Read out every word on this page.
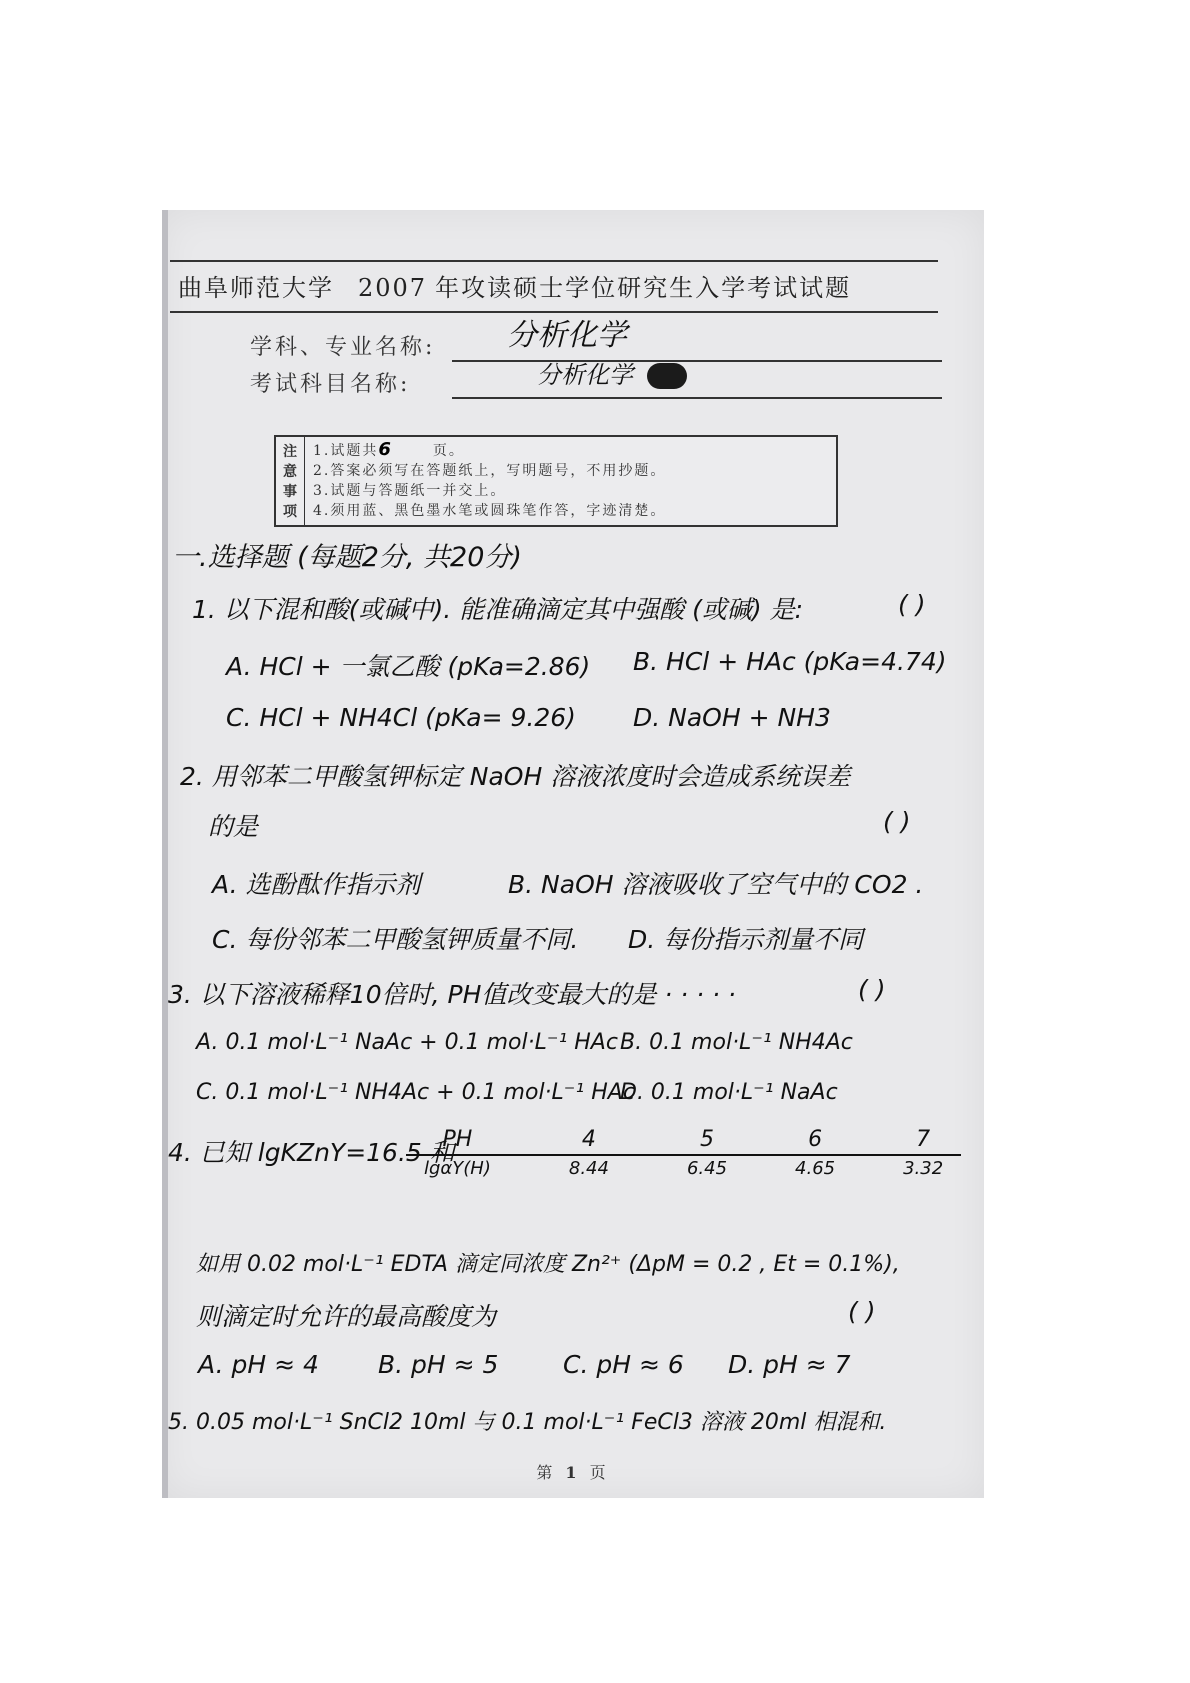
曲阜师范大学 2007 年攻读硕士学位研究生入学考试试题
学科、专业名称: 分析化学
考试科目名称:	分析化学
注
意
事
项
1.试题共6	页。
2.答案必须写在答题纸上，写明题号，不用抄题。
3.试题与答题纸一并交上。
4.须用蓝、黑色墨水笔或圆珠笔作答，字迹清楚。
一.选择题 (每题2分, 共20分)
1. 以下混和酸(或碱中). 能准确滴定其中强酸 (或碱) 是:	( )
A. HCl + 一氯乙酸 (pKa=2.86) B. HCl + HAc (pKa=4.74)
C. HCl + NH4Cl (pKa= 9.26) D. NaOH + NH3
2. 用邻苯二甲酸氢钾标定 NaOH 溶液浓度时会造成系统误差
的是	( )
A. 选酚酞作指示剂	B. NaOH 溶液吸收了空气中的 CO2 .
C. 每份邻苯二甲酸氢钾质量不同. D. 每份指示剂量不同
3. 以下溶液稀释10倍时, PH值改变最大的是 · · · · ·	( )
A. 0.1 mol·L⁻¹ NaAc + 0.1 mol·L⁻¹ HAc B. 0.1 mol·L⁻¹ NH4Ac
C. 0.1 mol·L⁻¹ NH4Ac + 0.1 mol·L⁻¹ HAc
D. 0.1 mol·L⁻¹ NaAc
4. 已知 lgKZnY=16.5 和
PH	4	5	6	7
lgαY(H)	8.44	6.45	4.65	3.32
如用 0.02 mol·L⁻¹ EDTA 滴定同浓度 Zn²⁺ (ΔpM = 0.2 , Et = 0.1%),
则滴定时允许的最高酸度为	( )
A. pH ≈ 4 B. pH ≈ 5	C. pH ≈ 6 D. pH ≈ 7
5. 0.05 mol·L⁻¹ SnCl2 10ml 与 0.1 mol·L⁻¹ FeCl3 溶液 20ml 相混和.
第 1 页
